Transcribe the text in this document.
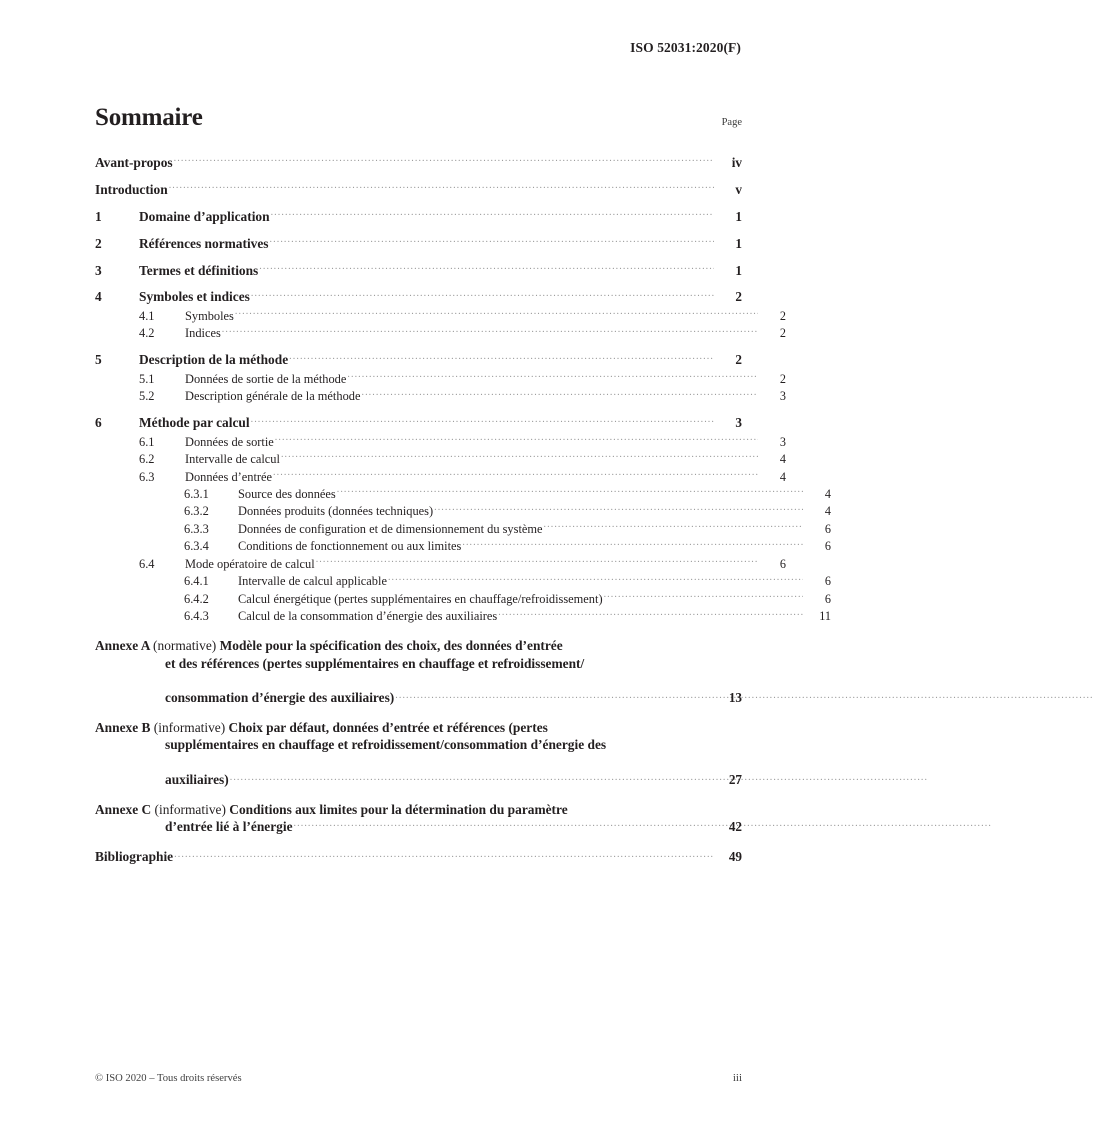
ISO 52031:2020(F)
Sommaire	Page
Avant-propos .....	iv
Introduction .....	v
1	Domaine d’application .....	1
2	Références normatives .....	1
3	Termes et définitions .....	1
4	Symboles et indices .....	2
4.1	Symboles .....	2
4.2	Indices .....	2
5	Description de la méthode .....	2
5.1	Données de sortie de la méthode .....	2
5.2	Description générale de la méthode .....	3
6	Méthode par calcul .....	3
6.1	Données de sortie .....	3
6.2	Intervalle de calcul .....	4
6.3	Données d’entrée .....	4
6.3.1	Source des données .....	4
6.3.2	Données produits (données techniques) .....	4
6.3.3	Données de configuration et de dimensionnement du système .....	6
6.3.4	Conditions de fonctionnement ou aux limites .....	6
6.4	Mode opératoire de calcul .....	6
6.4.1	Intervalle de calcul applicable .....	6
6.4.2	Calcul énergétique (pertes supplémentaires en chauffage/refroidissement) .....	6
6.4.3	Calcul de la consommation d’énergie des auxiliaires .....	11
Annexe A (normative) Modèle pour la spécification des choix, des données d’entrée

et des références (pertes supplémentaires en chauffage et refroidissement/

consommation d’énergie des auxiliaires) .....	13
Annexe B (informative) Choix par défaut, données d’entrée et références (pertes

supplémentaires en chauffage et refroidissement/consommation d’énergie des

auxiliaires) .....	27
Annexe C (informative) Conditions aux limites pour la détermination du paramètre

d’entrée lié à l’énergie .....	42
Bibliographie .....	49
© ISO 2020 – Tous droits réservés	iii
